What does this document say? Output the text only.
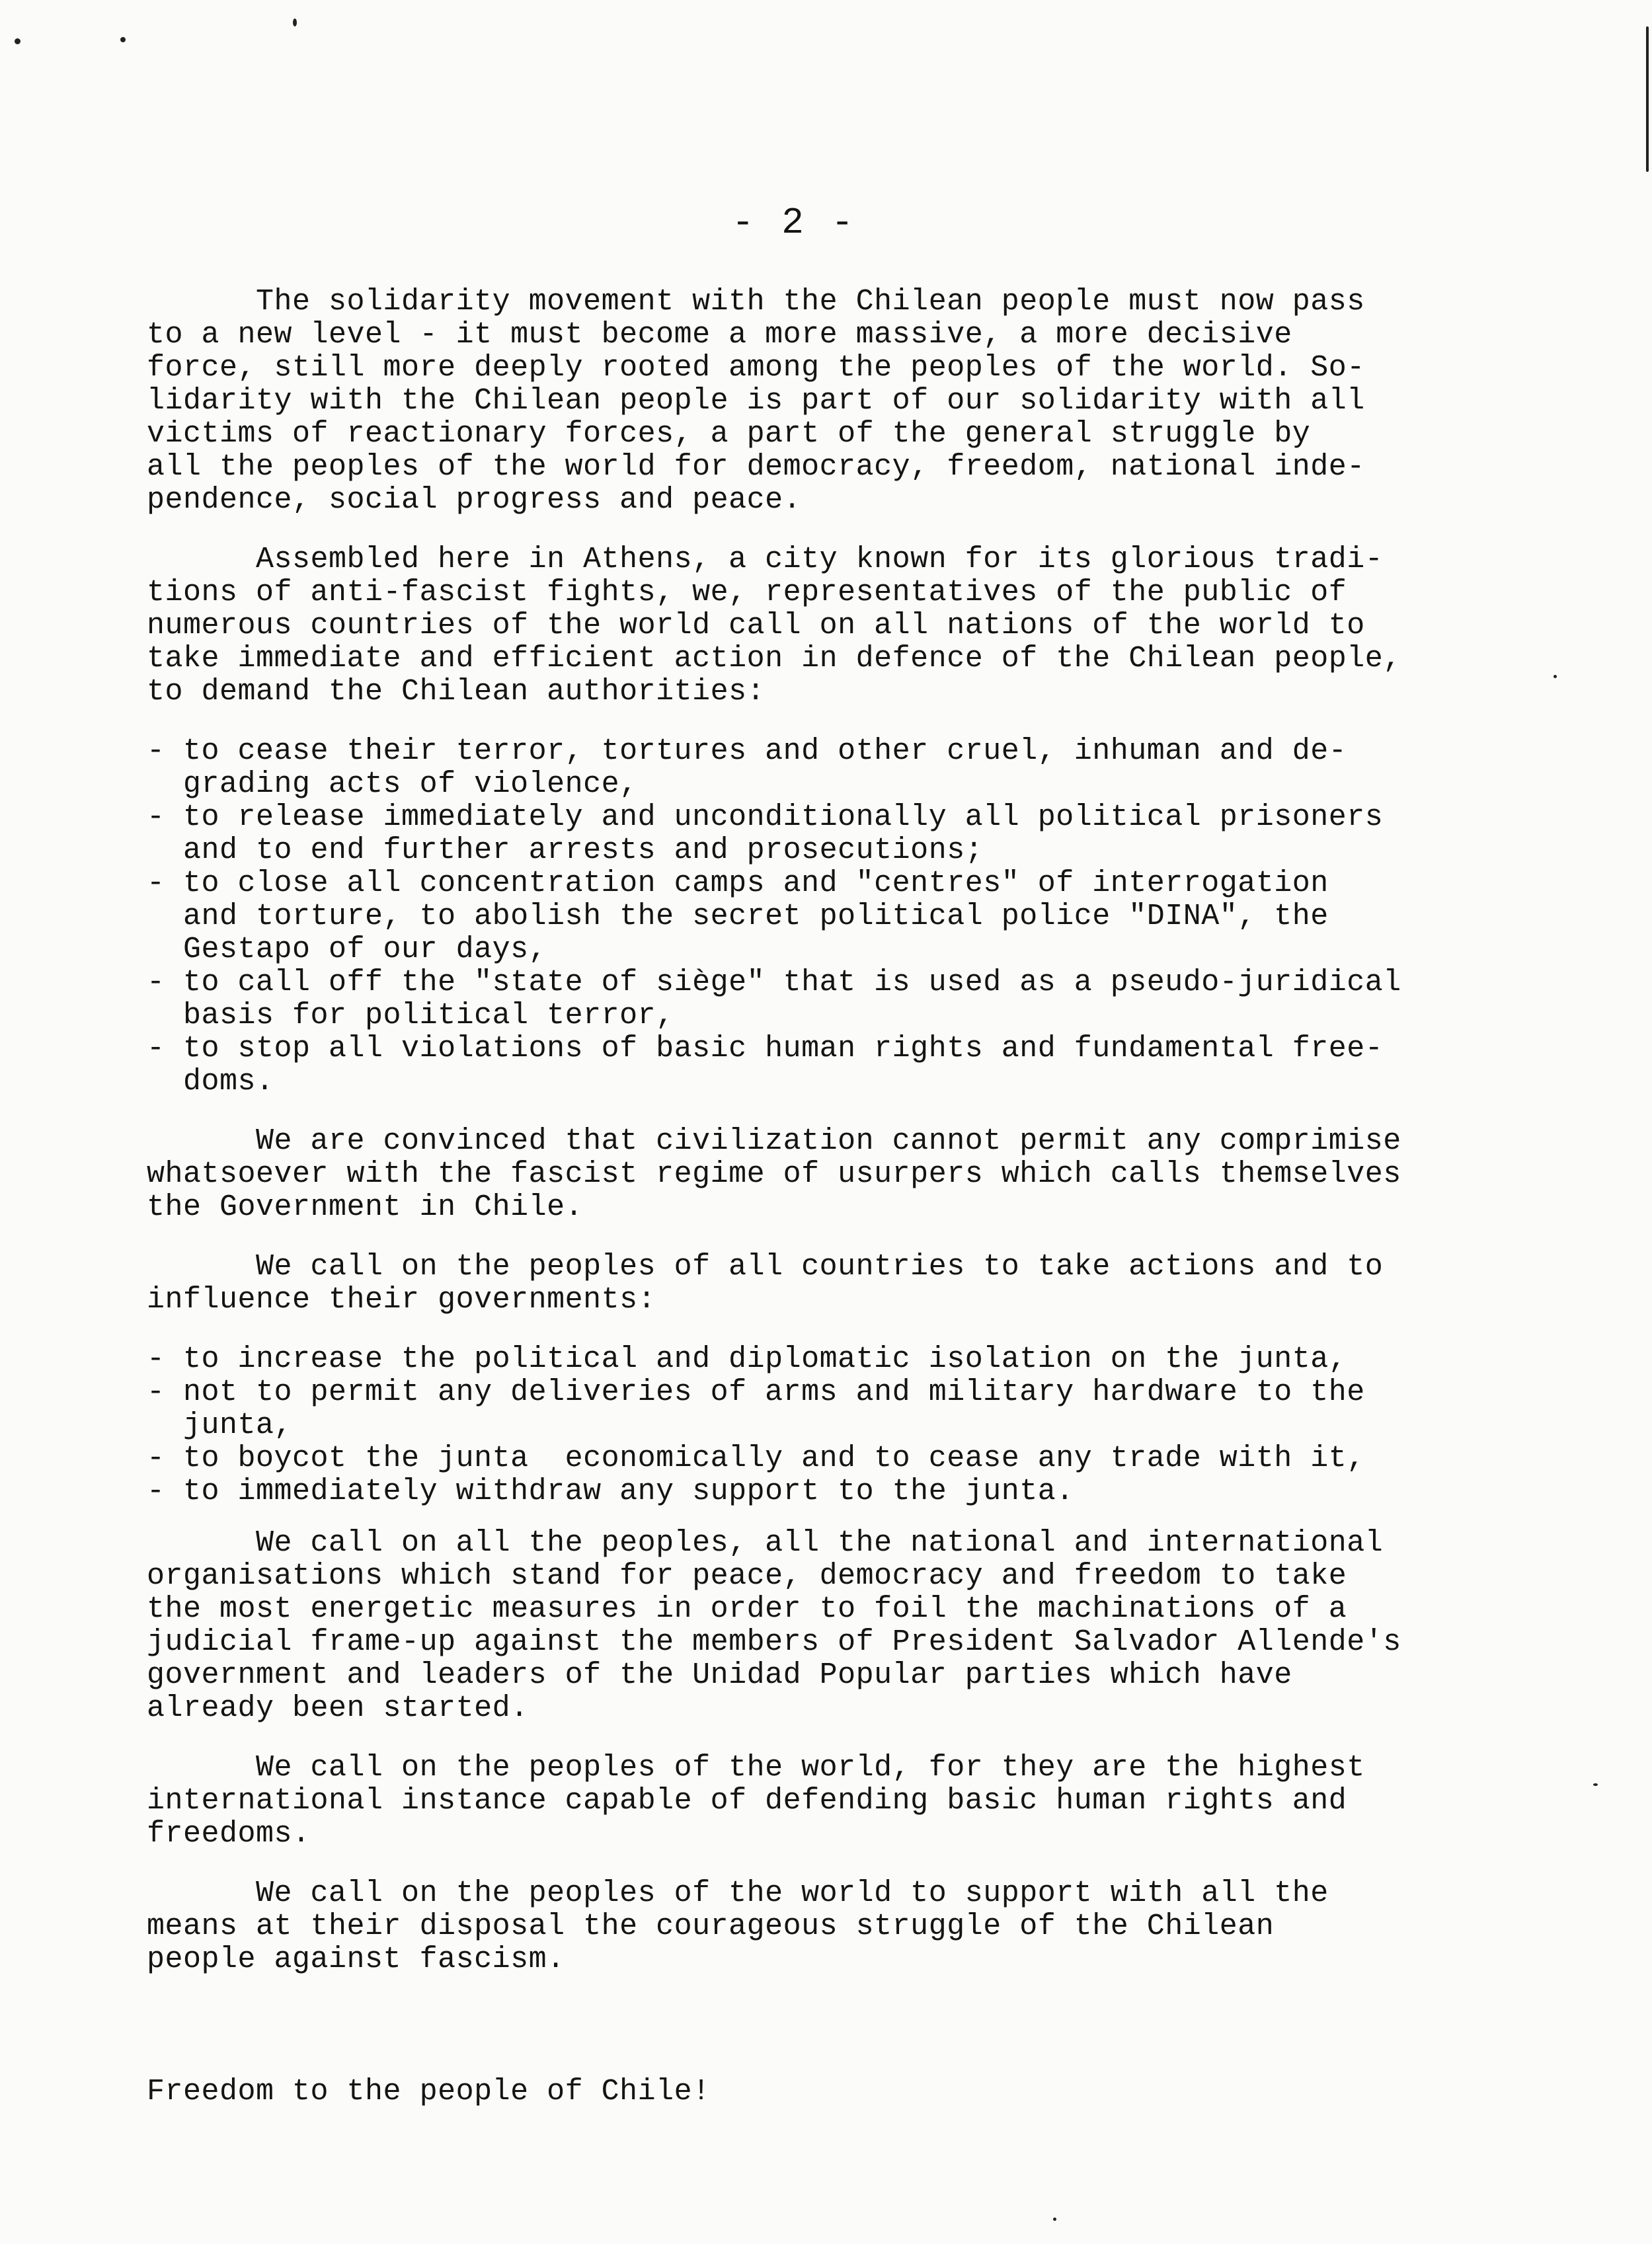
- 2 -
The solidarity movement with the Chilean people must now pass
to a new level - it must become a more massive, a more decisive
force, still more deeply rooted among the peoples of the world. So-
lidarity with the Chilean people is part of our solidarity with all
victims of reactionary forces, a part of the general struggle by
all the peoples of the world for democracy, freedom, national inde-
pendence, social progress and peace.
Assembled here in Athens, a city known for its glorious tradi-
tions of anti-fascist fights, we, representatives of the public of
numerous countries of the world call on all nations of the world to
take immediate and efficient action in defence of the Chilean people,
to demand the Chilean authorities:
- to cease their terror, tortures and other cruel, inhuman and de-
grading acts of violence,
- to release immediately and unconditionally all political prisoners
and to end further arrests and prosecutions;
- to close all concentration camps and "centres" of interrogation
and torture, to abolish the secret political police "DINA", the
Gestapo of our days,
- to call off the "state of siège" that is used as a pseudo-juridical
basis for political terror,
- to stop all violations of basic human rights and fundamental free-
doms.
We are convinced that civilization cannot permit any comprimise
whatsoever with the fascist regime of usurpers which calls themselves
the Government in Chile.
We call on the peoples of all countries to take actions and to
influence their governments:
- to increase the political and diplomatic isolation on the junta,
- not to permit any deliveries of arms and military hardware to the
junta,
- to boycot the junta  economically and to cease any trade with it,
- to immediately withdraw any support to the junta.
We call on all the peoples, all the national and international
organisations which stand for peace, democracy and freedom to take
the most energetic measures in order to foil the machinations of a
judicial frame-up against the members of President Salvador Allende's
government and leaders of the Unidad Popular parties which have
already been started.
We call on the peoples of the world, for they are the highest
international instance capable of defending basic human rights and
freedoms.
We call on the peoples of the world to support with all the
means at their disposal the courageous struggle of the Chilean
people against fascism.
Freedom to the people of Chile!
